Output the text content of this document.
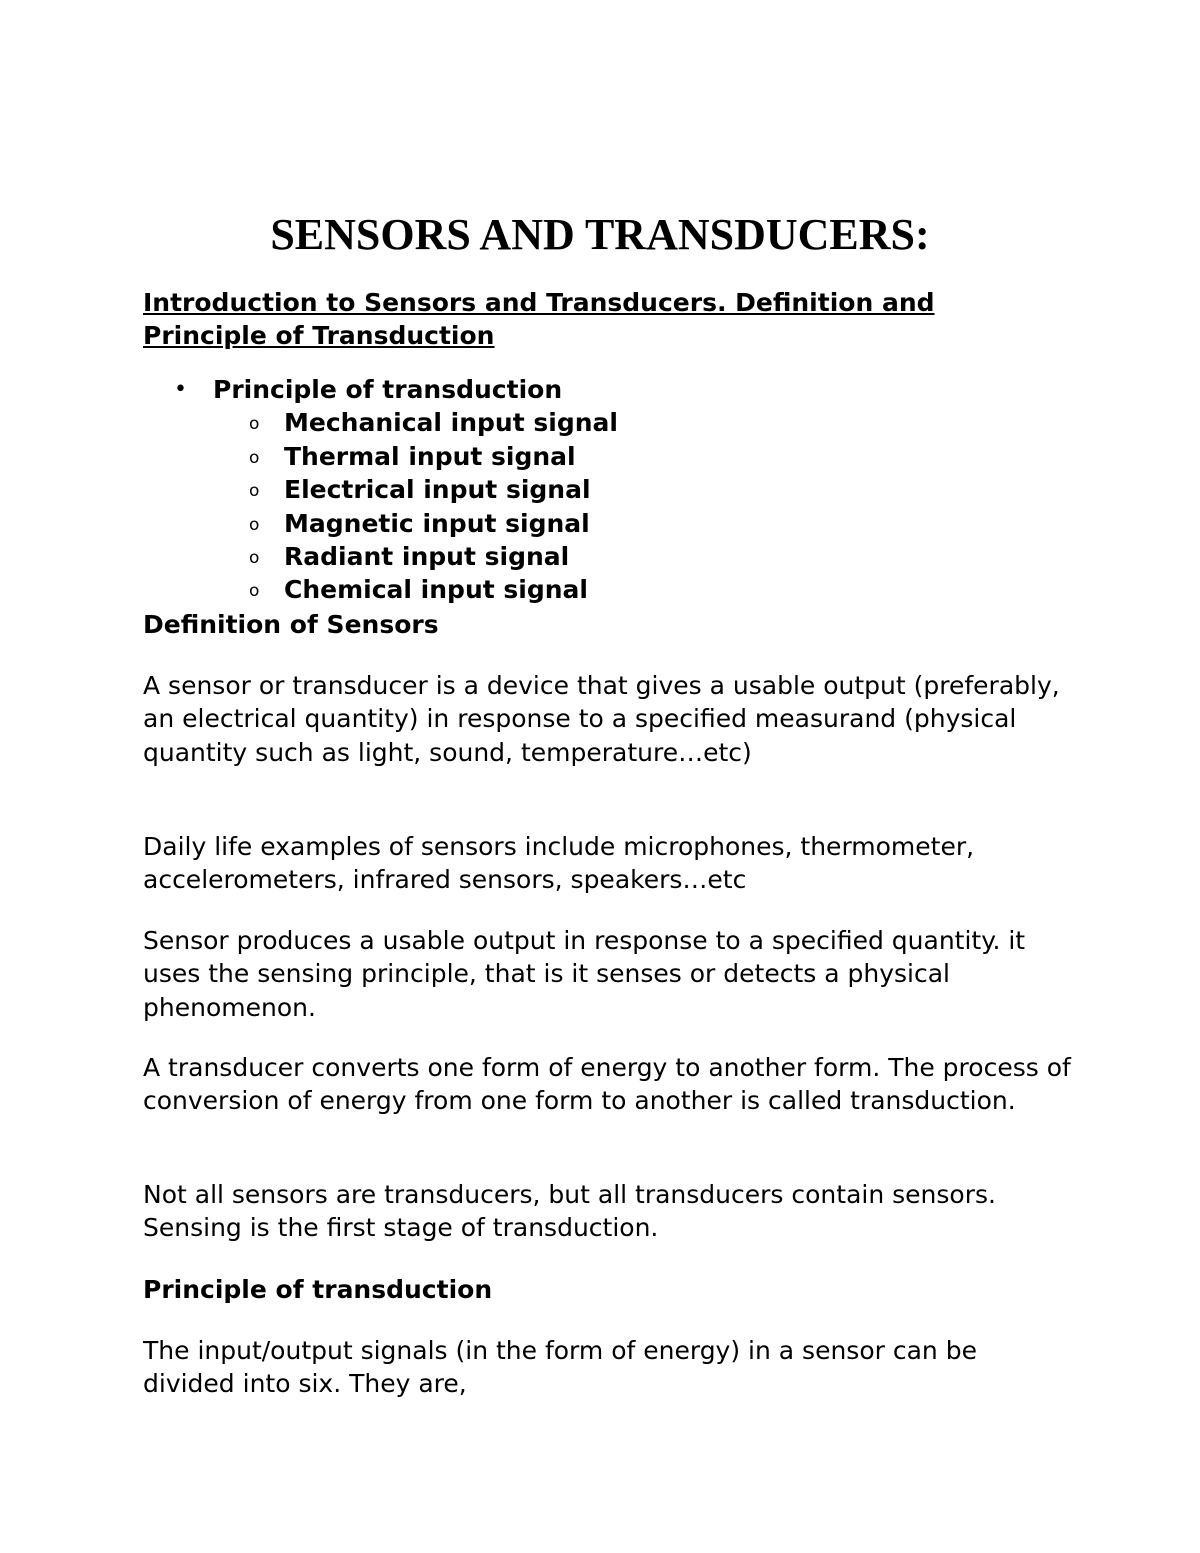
SENSORS AND TRANSDUCERS:

Introduction to Sensors and Transducers. Definition and Principle of Transduction

• Principle of transduction
o Mechanical input signal
o Thermal input signal
o Electrical input signal
o Magnetic input signal
o Radiant input signal
o Chemical input signal
Definition of Sensors

A sensor or transducer is a device that gives a usable output (preferably, an electrical quantity) in response to a specified measurand (physical quantity such as light, sound, temperature…etc)

Daily life examples of sensors include microphones, thermometer, accelerometers, infrared sensors, speakers…etc

Sensor produces a usable output in response to a specified quantity. it uses the sensing principle, that is it senses or detects a physical phenomenon.

A transducer converts one form of energy to another form. The process of conversion of energy from one form to another is called transduction.

Not all sensors are transducers, but all transducers contain sensors. Sensing is the first stage of transduction.

Principle of transduction

The input/output signals (in the form of energy) in a sensor can be divided into six. They are,
